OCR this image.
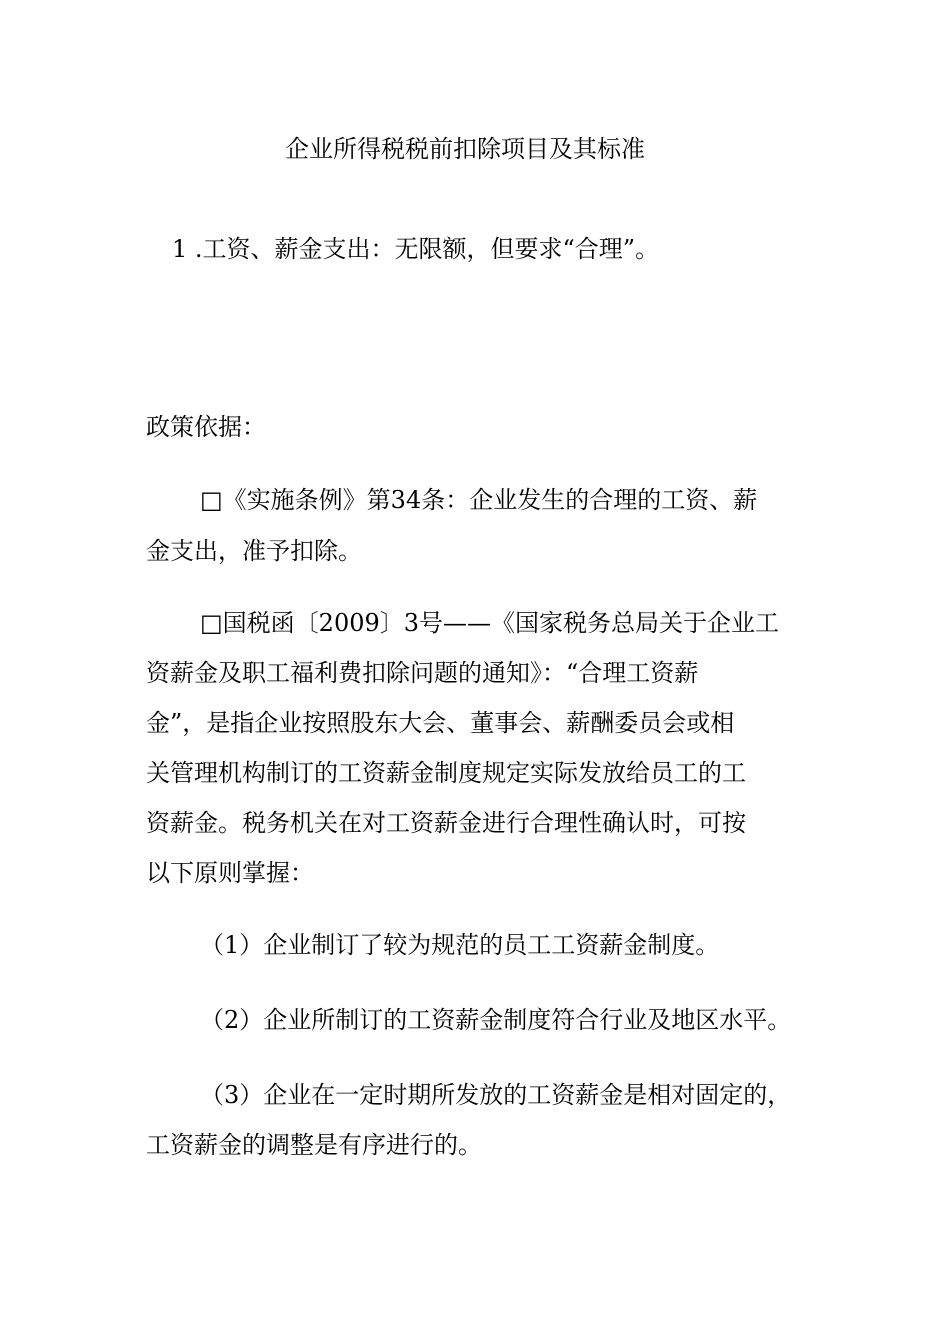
企业所得税税前扣除项目及其标准
1 .工资、薪金支出：无限额，但要求“合理”。
政策依据：
□《实施条例》第34条：企业发生的合理的工资、薪
金支出，准予扣除。
□国税函〔2009〕3号——《国家税务总局关于企业工
资薪金及职工福利费扣除问题的通知》：“合理工资薪
金”，是指企业按照股东大会、董事会、薪酬委员会或相
关管理机构制订的工资薪金制度规定实际发放给员工的工
资薪金。税务机关在对工资薪金进行合理性确认时，可按
以下原则掌握：
（1）企业制订了较为规范的员工工资薪金制度。
（2）企业所制订的工资薪金制度符合行业及地区水平。
（3）企业在一定时期所发放的工资薪金是相对固定的，
工资薪金的调整是有序进行的。
